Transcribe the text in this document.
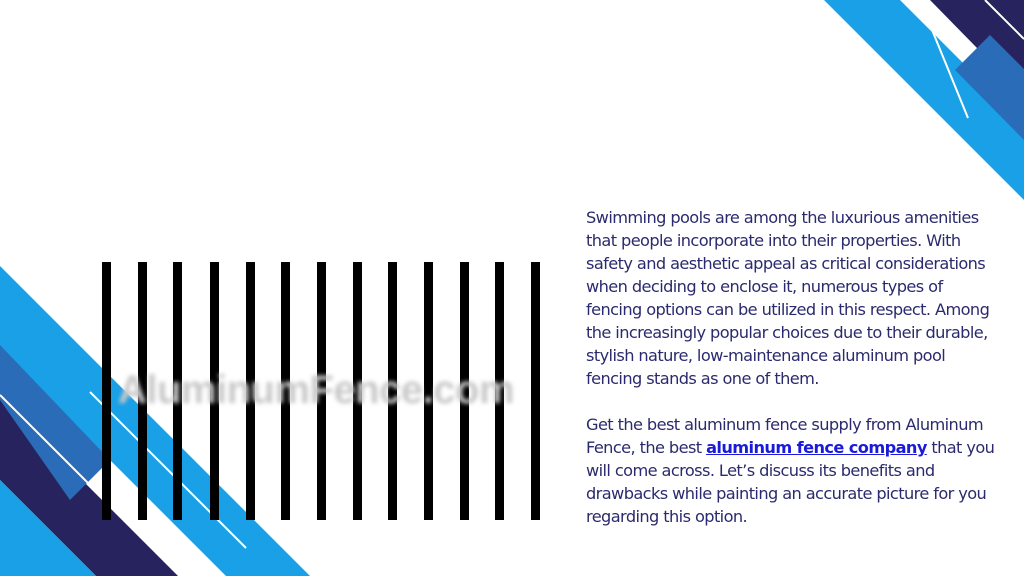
AluminumFence.com

Swimming pools are among the luxurious amenities that people incorporate into their properties. With safety and aesthetic appeal as critical considerations when deciding to enclose it, numerous types of fencing options can be utilized in this respect. Among the increasingly popular choices due to their durable, stylish nature, low-maintenance aluminum pool fencing stands as one of them.

Get the best aluminum fence supply from Aluminum Fence, the best aluminum fence company that you will come across. Let’s discuss its benefits and drawbacks while painting an accurate picture for you regarding this option.
